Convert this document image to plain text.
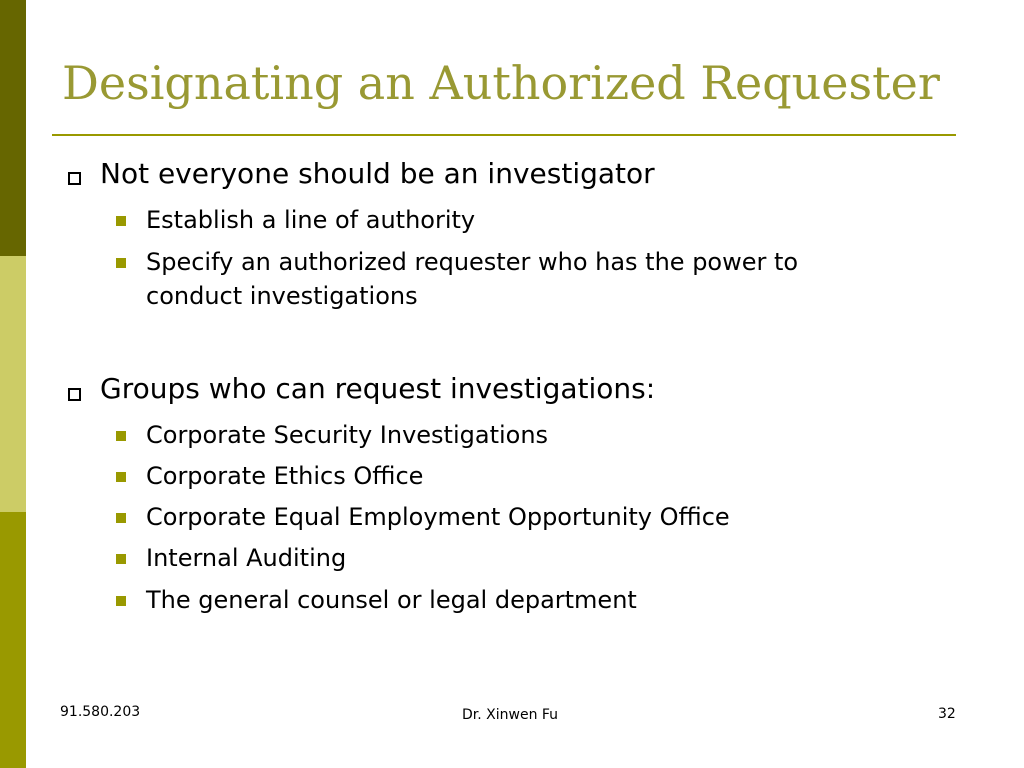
Designating an Authorized Requester
Not everyone should be an investigator
Establish a line of authority
Specify an authorized requester who has the power to
conduct investigations
Groups who can request investigations:
Corporate Security Investigations
Corporate Ethics Office
Corporate Equal Employment Opportunity Office
Internal Auditing
The general counsel or legal department
91.580.203	Dr. Xinwen Fu	32
